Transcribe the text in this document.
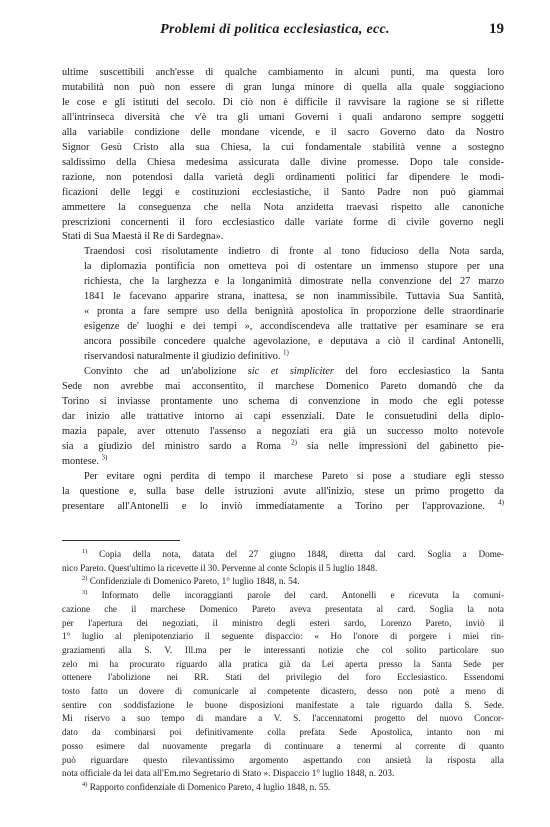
Problemi di politica ecclesiastica, ecc.	19

ultime suscettibili anch'esse di qualche cambiamento in alcuni punti, ma questa loro
mutabilità non può non essere di gran lunga minore di quella alla quale soggiaciono
le cose e gli istituti del secolo. Di ciò non è difficile il ravvisare la ragione se si riflette
all'intrinseca diversità che v'è tra gli umani Governi i quali andarono sempre soggetti
alla variabile condizione delle mondane vicende, e il sacro Governo dato da Nostro
Signor Gesù Cristo alla sua Chiesa, la cui fondamentale stabilità venne a sostegno
saldissimo della Chiesa medesima assicurata dalle divine promesse. Dopo tale conside-
razione, non potendosi dalla varietà degli ordinamenti politici far dipendere le modi-
ficazioni delle leggi e costituzioni ecclesiastiche, il Santo Padre non può giammai
ammettere la conseguenza che nella Nota anzidetta traevasi rispetto alle canoniche
prescrizioni concernenti il foro ecclesiastico dalle variate forme di civile governo negli
Stati di Sua Maestà il Re di Sardegna».

Traendosi così risolutamente indietro di fronte al tono fiducioso della Nota sarda,
la diplomazia pontificia non ometteva poi di ostentare un immenso stupore per una
richiesta, che la larghezza e la longanimità dimostrate nella convenzione del 27 marzo
1841 le facevano apparire strana, inattesa, se non inammissibile. Tuttavia Sua Santità,
« pronta a fare sempre uso della benignità apostolica in proporzione delle straordinarie
esigenze de' luoghi e dei tempi », accondiscendeva alle trattative per esaminare se era
ancora possibile concedere qualche agevolazione, e deputava a ciò il cardinal Antonelli,
riservandosi naturalmente il giudizio definitivo. $^{1)}$

Convinto che ad un'abolizione sic et simpliciter del foro ecclesiastico la Santa
Sede non avrebbe mai acconsentito, il marchese Domenico Pareto domandò che da
Torino si inviasse prontamente uno schema di convenzione in modo che egli potesse
dar inizio alle trattative intorno ai capi essenziali. Date le consuetudini della diplo-
mazia papale, aver ottenuto l'assenso a negoziati era già un successo molto notevole
sia a giudizio del ministro sardo a Roma $^{2)}$ sia nelle impressioni del gabinetto pie-
montese. $^{3)}$

Per evitare ogni perdita di tempo il marchese Pareto si pose a studiare egli stesso
la questione e, sulla base delle istruzioni avute all'inizio, stese un primo progetto da
presentare all'Antonelli e lo inviò immediatamente a Torino per l'approvazione. $^{4)}$

$^{1)}$ Copia della nota, datata del 27 giugno 1848, diretta dal card. Soglia a Dome-
nico Pareto. Quest'ultimo la ricevette il 30. Pervenne al conte Sclopis il 5 luglio 1848.
$^{2)}$ Confidenziale di Domenico Pareto, 1° luglio 1848, n. 54.
$^{3)}$ Informato delle incoraggianti parole del card. Antonelli e ricevuta la comuni-
cazione che il marchese Domenico Pareto aveva presentata al card. Soglia la nota
per l'apertura dei negoziati, il ministro degli esteri sardo, Lorenzo Pareto, inviò il
1° luglio al plenipotenziario il seguente dispaccio: « Ho l'onore di porgere i miei rin-
graziamenti alla S. V. Ill.ma per le interessanti notizie che col solito particolare suo
zelo mi ha procurato riguardo alla pratica già da Lei aperta presso la Santa Sede per
ottenere l'abolizione nei RR. Stati del privilegio del foro Ecclesiastico. Essendomi
tosto fatto un dovere di comunicarle al competente dicastero, desso non potè a meno di
sentire con soddisfazione le buone disposizioni manifestate a tale riguardo dalla S. Sede.
Mi riservo a suo tempo di mandare a V. S. l'accennatomi progetto del nuovo Concor-
dato da combinarsi poi definitivamente colla prefata Sede Apostolica, intanto non mi
posso esimere dal nuovamente pregarla di continuare a tenermi al corrente di quanto
può riguardare questo rilevantissimo argomento aspettando con ansietà la risposta alla
nota officiale da lei data all'Em.mo Segretario di Stato ». Dispaccio 1° luglio 1848, n. 203.
$^{4)}$ Rapporto confidenziale di Domenico Pareto, 4 luglio 1848, n. 55.
